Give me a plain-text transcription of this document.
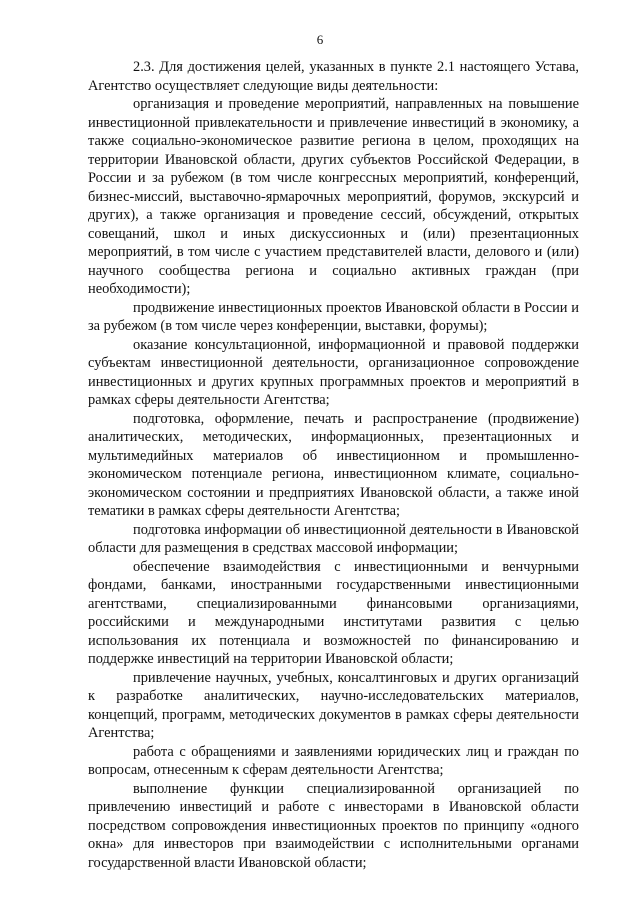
6

2.3. Для достижения целей, указанных в пункте 2.1 настоящего Устава, Агентство осуществляет следующие виды деятельности:

организация и проведение мероприятий, направленных на повышение инвестиционной привлекательности и привлечение инвестиций в экономику, а также социально-экономическое развитие региона в целом, проходящих на территории Ивановской области, других субъектов Российской Федерации, в России и за рубежом (в том числе конгрессных мероприятий, конференций, бизнес-миссий, выставочно-ярмарочных мероприятий, форумов, экскурсий и других), а также организация и проведение сессий, обсуждений, открытых совещаний, школ и иных дискуссионных и (или) презентационных мероприятий, в том числе с участием представителей власти, делового и (или) научного сообщества региона и социально активных граждан (при необходимости);

продвижение инвестиционных проектов Ивановской области в России и за рубежом (в том числе через конференции, выставки, форумы);

оказание консультационной, информационной и правовой поддержки субъектам инвестиционной деятельности, организационное сопровождение инвестиционных и других крупных программных проектов и мероприятий в рамках сферы деятельности Агентства;

подготовка, оформление, печать и распространение (продвижение) аналитических, методических, информационных, презентационных и мультимедийных материалов об инвестиционном и промышленно-экономическом потенциале региона, инвестиционном климате, социально-экономическом состоянии и предприятиях Ивановской области, а также иной тематики в рамках сферы деятельности Агентства;

подготовка информации об инвестиционной деятельности в Ивановской области для размещения в средствах массовой информации;

обеспечение взаимодействия с инвестиционными и венчурными фондами, банками, иностранными государственными инвестиционными агентствами, специализированными финансовыми организациями, российскими и международными институтами развития с целью использования их потенциала и возможностей по финансированию и поддержке инвестиций на территории Ивановской области;

привлечение научных, учебных, консалтинговых и других организаций к разработке аналитических, научно-исследовательских материалов, концепций, программ, методических документов в рамках сферы деятельности Агентства;

работа с обращениями и заявлениями юридических лиц и граждан по вопросам, отнесенным к сферам деятельности Агентства;

выполнение функции специализированной организацией по привлечению инвестиций и работе с инвесторами в Ивановской области посредством сопровождения инвестиционных проектов по принципу «одного окна» для инвесторов при взаимодействии с исполнительными органами государственной власти Ивановской области;
